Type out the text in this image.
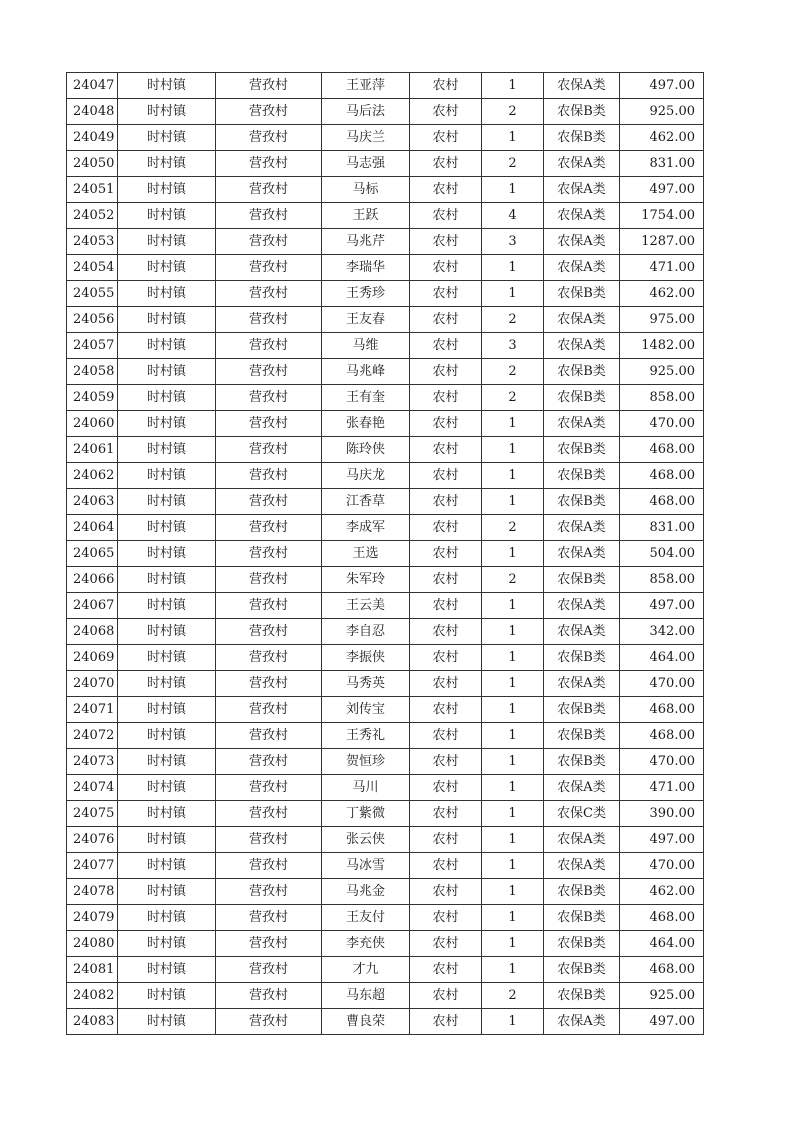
24047	时村镇	营孜村	王亚萍	农村	1	农保A类	497.00
24048	时村镇	营孜村	马后法	农村	2	农保B类	925.00
24049	时村镇	营孜村	马庆兰	农村	1	农保B类	462.00
24050	时村镇	营孜村	马志强	农村	2	农保A类	831.00
24051	时村镇	营孜村	马标	农村	1	农保A类	497.00
24052	时村镇	营孜村	王跃	农村	4	农保A类	1754.00
24053	时村镇	营孜村	马兆芹	农村	3	农保A类	1287.00
24054	时村镇	营孜村	李瑞华	农村	1	农保A类	471.00
24055	时村镇	营孜村	王秀珍	农村	1	农保B类	462.00
24056	时村镇	营孜村	王友春	农村	2	农保A类	975.00
24057	时村镇	营孜村	马维	农村	3	农保A类	1482.00
24058	时村镇	营孜村	马兆峰	农村	2	农保B类	925.00
24059	时村镇	营孜村	王有奎	农村	2	农保B类	858.00
24060	时村镇	营孜村	张春艳	农村	1	农保A类	470.00
24061	时村镇	营孜村	陈玲侠	农村	1	农保B类	468.00
24062	时村镇	营孜村	马庆龙	农村	1	农保B类	468.00
24063	时村镇	营孜村	江香草	农村	1	农保B类	468.00
24064	时村镇	营孜村	李成军	农村	2	农保A类	831.00
24065	时村镇	营孜村	王选	农村	1	农保A类	504.00
24066	时村镇	营孜村	朱军玲	农村	2	农保B类	858.00
24067	时村镇	营孜村	王云美	农村	1	农保A类	497.00
24068	时村镇	营孜村	李自忍	农村	1	农保A类	342.00
24069	时村镇	营孜村	李振侠	农村	1	农保B类	464.00
24070	时村镇	营孜村	马秀英	农村	1	农保A类	470.00
24071	时村镇	营孜村	刘传宝	农村	1	农保B类	468.00
24072	时村镇	营孜村	王秀礼	农村	1	农保B类	468.00
24073	时村镇	营孜村	贺恒珍	农村	1	农保B类	470.00
24074	时村镇	营孜村	马川	农村	1	农保A类	471.00
24075	时村镇	营孜村	丁紫微	农村	1	农保C类	390.00
24076	时村镇	营孜村	张云侠	农村	1	农保A类	497.00
24077	时村镇	营孜村	马冰雪	农村	1	农保A类	470.00
24078	时村镇	营孜村	马兆金	农村	1	农保B类	462.00
24079	时村镇	营孜村	王友付	农村	1	农保B类	468.00
24080	时村镇	营孜村	李充侠	农村	1	农保B类	464.00
24081	时村镇	营孜村	才九	农村	1	农保B类	468.00
24082	时村镇	营孜村	马东超	农村	2	农保B类	925.00
24083	时村镇	营孜村	曹良荣	农村	1	农保A类	497.00
